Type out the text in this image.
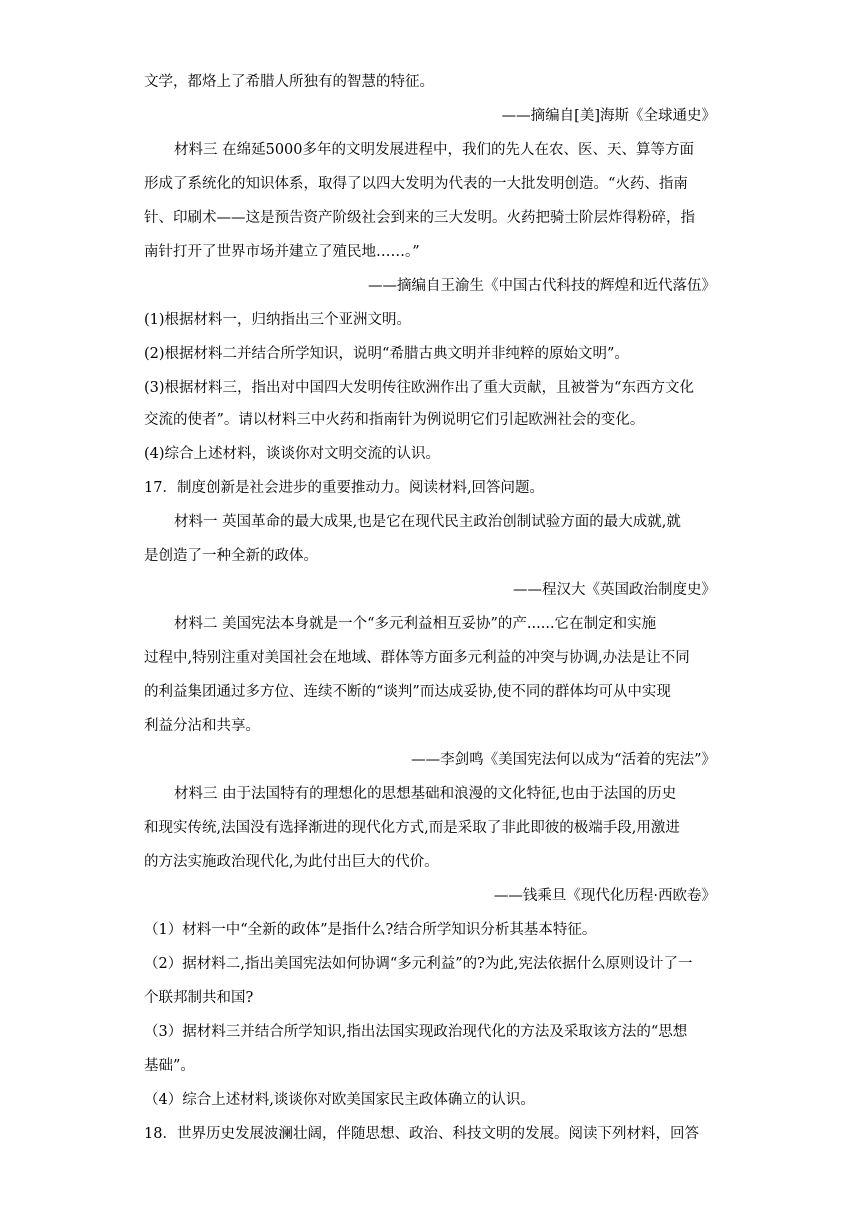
文学，都烙上了希腊人所独有的智慧的特征。
——摘编自[美]海斯《全球通史》
材料三 在绵延5000多年的文明发展进程中，我们的先人在农、医、天、算等方面
形成了系统化的知识体系，取得了以四大发明为代表的一大批发明创造。“火药、指南
针、印刷术——这是预告资产阶级社会到来的三大发明。火药把骑士阶层炸得粉碎，指
南针打开了世界市场并建立了殖民地……。”
——摘编自王渝生《中国古代科技的辉煌和近代落伍》
(1)根据材料一，归纳指出三个亚洲文明。
(2)根据材料二并结合所学知识，说明“希腊古典文明并非纯粹的原始文明”。
(3)根据材料三，指出对中国四大发明传往欧洲作出了重大贡献，且被誉为“东西方文化
交流的使者”。请以材料三中火药和指南针为例说明它们引起欧洲社会的变化。
(4)综合上述材料，谈谈你对文明交流的认识。
17．制度创新是社会进步的重要推动力。阅读材料,回答问题。
材料一 英国革命的最大成果,也是它在现代民主政治创制试验方面的最大成就,就
是创造了一种全新的政体。
——程汉大《英国政治制度史》
材料二 美国宪法本身就是一个“多元利益相互妥协”的产......它在制定和实施
过程中,特别注重对美国社会在地域、群体等方面多元利益的冲突与协调,办法是让不同
的利益集团通过多方位、连续不断的“谈判”而达成妥协,使不同的群体均可从中实现
利益分沾和共享。
——李剑鸣《美国宪法何以成为“活着的宪法”》
材料三 由于法国特有的理想化的思想基础和浪漫的文化特征,也由于法国的历史
和现实传统,法国没有选择渐进的现代化方式,而是采取了非此即彼的极端手段,用激进
的方法实施政治现代化,为此付出巨大的代价。
——钱乘旦《现代化历程·西欧卷》
（1）材料一中“全新的政体”是指什么?结合所学知识分析其基本特征。
（2）据材料二,指出美国宪法如何协调“多元利益”的?为此,宪法依据什么原则设计了一
个联邦制共和国?
（3）据材料三并结合所学知识,指出法国实现政治现代化的方法及采取该方法的“思想
基础”。
（4）综合上述材料,谈谈你对欧美国家民主政体确立的认识。
18．世界历史发展波澜壮阔，伴随思想、政治、科技文明的发展。阅读下列材料，回答
